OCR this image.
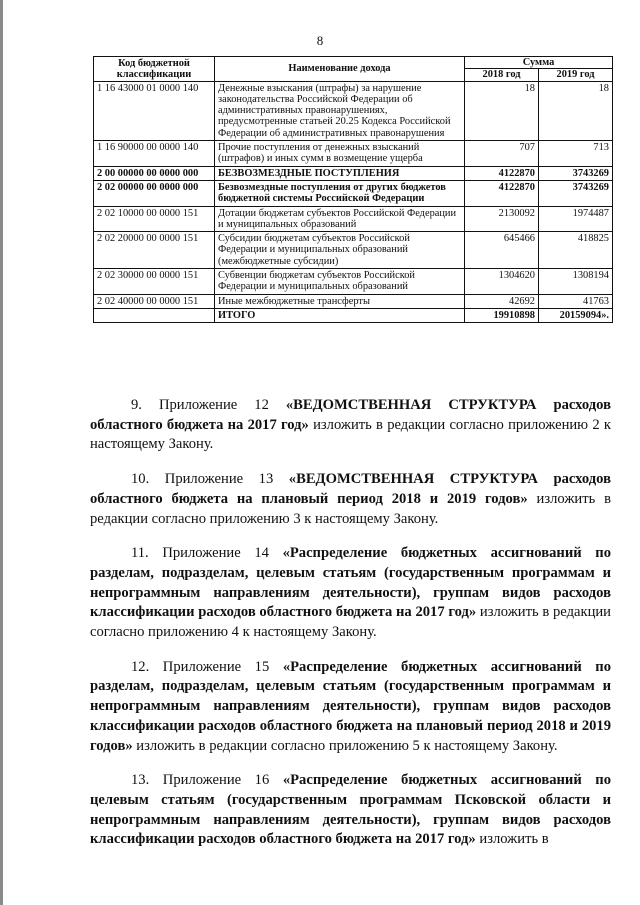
8
Код бюджетной классификации	Наименование дохода	Сумма	
		2018 год	2019 год
1 16 43000 01 0000 140	Денежные взыскания (штрафы) за нарушение законодательства Российской Федерации об административных правонарушениях, предусмотренные статьей 20.25 Кодекса Российской Федерации об административных правонарушения	18	18
1 16 90000 00 0000 140	Прочие поступления от денежных взысканий (штрафов) и иных сумм в возмещение ущерба	707	713
2 00 00000 00 0000 000	БЕЗВОЗМЕЗДНЫЕ ПОСТУПЛЕНИЯ	4122870	3743269
2 02 00000 00 0000 000	Безвозмездные поступления от других бюджетов бюджетной системы Российской Федерации	4122870	3743269
2 02 10000 00 0000 151	Дотации бюджетам субъектов Российской Федерации и муниципальных образований	2130092	1974487
2 02 20000 00 0000 151	Субсидии бюджетам субъектов Российской Федерации и муниципальных образований (межбюджетные субсидии)	645466	418825
2 02 30000 00 0000 151	Субвенции бюджетам субъектов Российской Федерации и муниципальных образований	1304620	1308194
2 02 40000 00 0000 151	Иные межбюджетные трансферты	42692	41763
	ИТОГО	19910898	20159094».

9. Приложение 12 «ВЕДОМСТВЕННАЯ СТРУКТУРА расходов областного бюджета на 2017 год» изложить в редакции согласно приложению 2 к настоящему Закону.

10. Приложение 13 «ВЕДОМСТВЕННАЯ СТРУКТУРА расходов областного бюджета на плановый период 2018 и 2019 годов» изложить в редакции согласно приложению 3 к настоящему Закону.

11. Приложение 14 «Распределение бюджетных ассигнований по разделам, подразделам, целевым статьям (государственным программам и непрограммным направлениям деятельности), группам видов расходов классификации расходов областного бюджета на 2017 год» изложить в редакции согласно приложению 4 к настоящему Закону.

12. Приложение 15 «Распределение бюджетных ассигнований по разделам, подразделам, целевым статьям (государственным программам и непрограммным направлениям деятельности), группам видов расходов классификации расходов областного бюджета на плановый период 2018 и 2019 годов» изложить в редакции согласно приложению 5 к настоящему Закону.

13. Приложение 16 «Распределение бюджетных ассигнований по целевым статьям (государственным программам Псковской области и непрограммным направлениям деятельности), группам видов расходов классификации расходов областного бюджета на 2017 год» изложить в
